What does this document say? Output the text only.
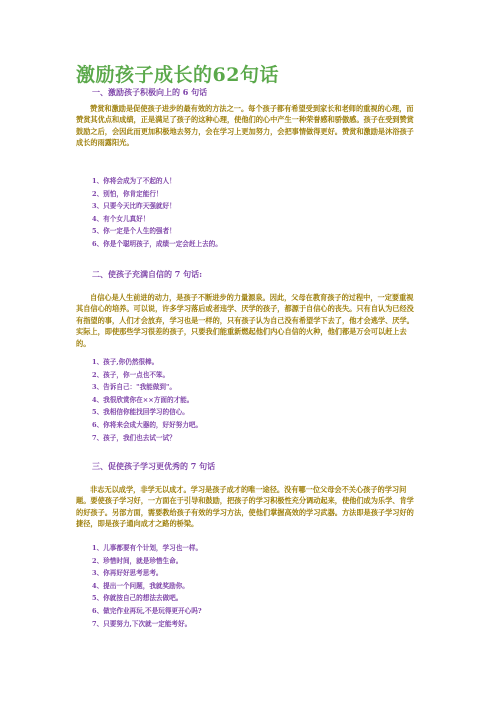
激励孩子成长的62句话
一、激励孩子积极向上的 6 句话
赞赏和激励是促使孩子进步的最有效的方法之一。每个孩子都有希望受到家长和老师的重视的心理，而赞赏其优点和成绩，正是满足了孩子的这种心理，使他们的心中产生一种荣誉感和骄傲感。孩子在受到赞赏鼓励之后，会因此而更加积极地去努力，会在学习上更加努力，会把事情做得更好。赞赏和激励是沐浴孩子成长的雨露阳光。
1、你将会成为了不起的人！
2、别怕，你肯定能行！
3、只要今天比昨天强就好！
4、有个女儿真好！
5、你一定是个人生的强者！
6、你是个聪明孩子，成绩一定会赶上去的。
二、使孩子充满自信的 7 句话:
自信心是人生前进的动力，是孩子不断进步的力量源泉。因此，父母在教育孩子的过程中，一定要重视其自信心的培养。可以说，许多学习落后或者违学、厌学的孩子，都源于自信心的丧失。只有自认为已经没有指望的事，人们才会放弃，学习也是一样的，只有孩子认为自己没有希望学下去了，他才会逃学、厌学。实际上，即使那些学习很差的孩子，只要我们能重新燃起他们内心自信的火种，他们都是万会可以赶上去的。
1、孩子,你仍然很棒。
2、孩子，你一点也不笨。
3、告诉自己："我能做到"。
4、我很欣赏你在××方面的才能。
5、我相信你能找回学习的信心。
6、你将来会成大器的，好好努力吧。
7、孩子，我们也去试一试？
三、促使孩子学习更优秀的 7 句话
非志无以成学，非学无以成才。学习是孩子成才的唯一途径。没有哪一位父母会不关心孩子的学习问题。要使孩子学习好，一方面在于引导和鼓励，把孩子的学习积极性充分调动起来，使他们成为乐学、肯学的好孩子。另部方面，需要教给孩子有效的学习方法，使他们掌握高效的学习武器。方法即是孩子学习好的捷径，即是孩子通向成才之路的桥梁。
1、儿事都要有个计划，学习也一样。
2、珍惜时间，就是珍惜生命。
3、你再好好思考思考。
4、提出一个问题，我就奖励你。
5、你就按自己的想法去做吧。
6、做完作业再玩,不是玩得更开心吗?
7、只要努力,下次就一定能考好。
